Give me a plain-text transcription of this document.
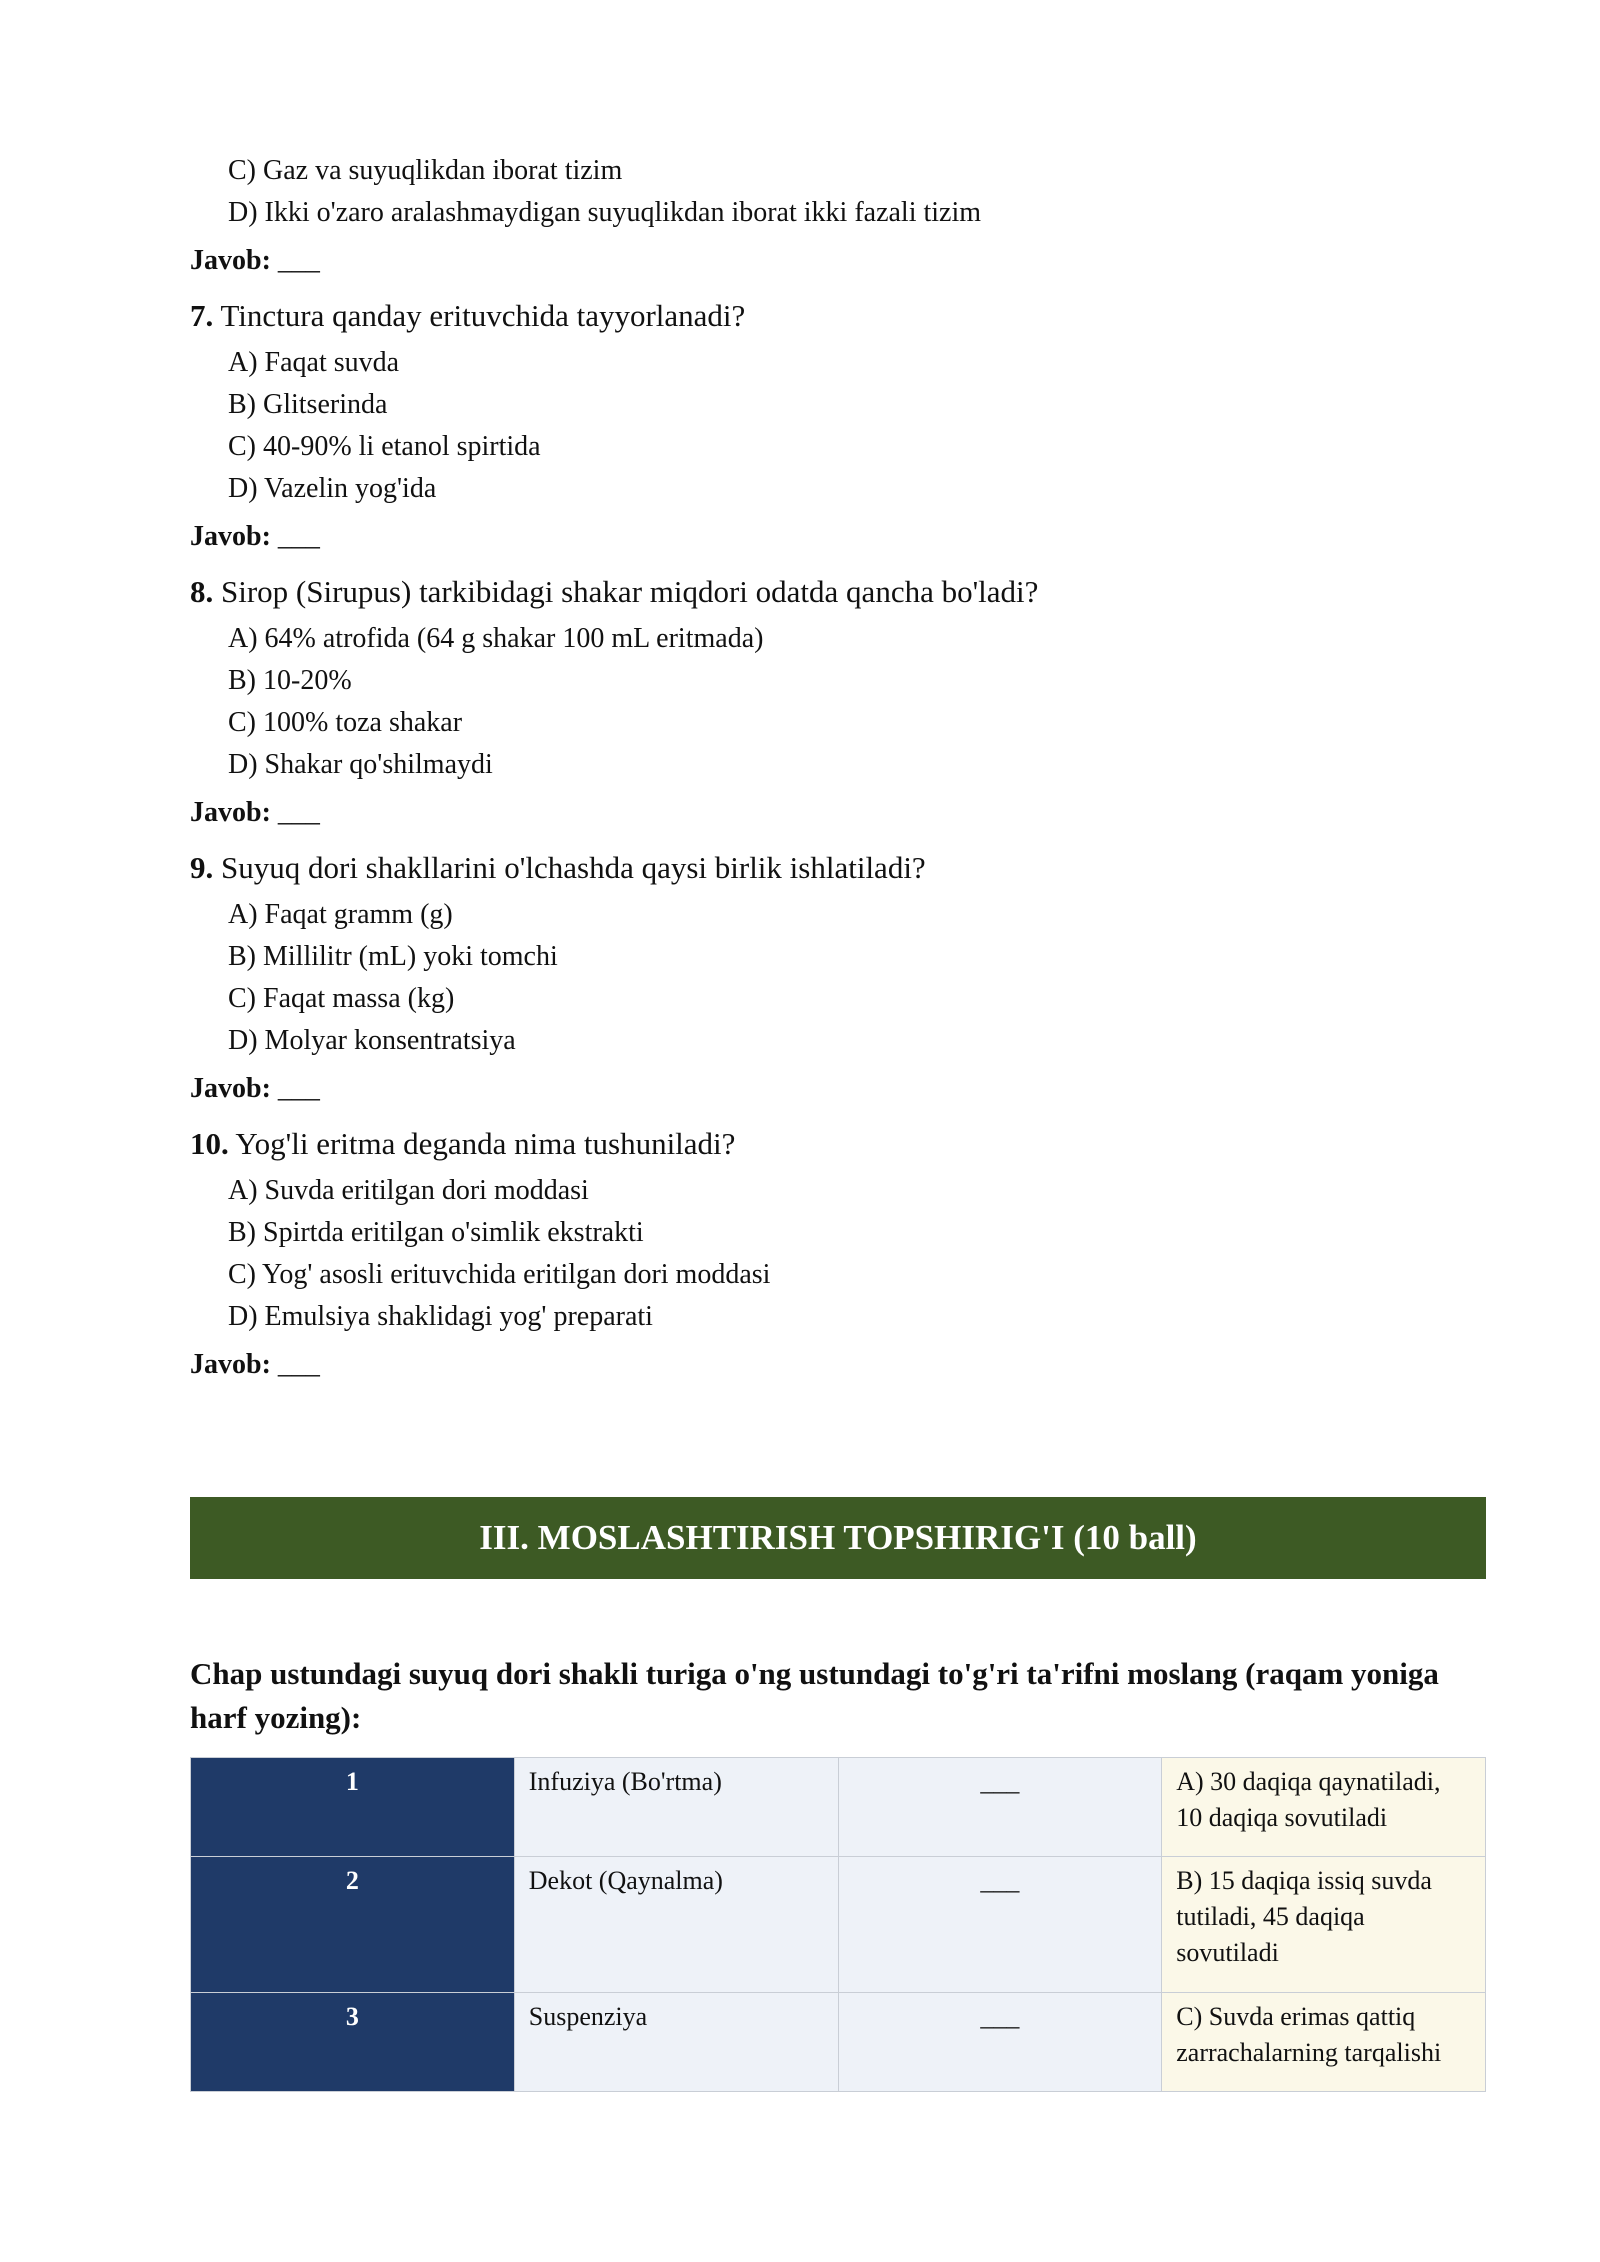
C) Gaz va suyuqlikdan iborat tizim
D) Ikki o'zaro aralashmaydigan suyuqlikdan iborat ikki fazali tizim
Javob: ___
7. Tinctura qanday erituvchida tayyorlanadi?
A) Faqat suvda
B) Glitserinda
C) 40-90% li etanol spirtida
D) Vazelin yog'ida
Javob: ___
8. Sirop (Sirupus) tarkibidagi shakar miqdori odatda qancha bo'ladi?
A) 64% atrofida (64 g shakar 100 mL eritmada)
B) 10-20%
C) 100% toza shakar
D) Shakar qo'shilmaydi
Javob: ___
9. Suyuq dori shakllarini o'lchashda qaysi birlik ishlatiladi?
A) Faqat gramm (g)
B) Millilitr (mL) yoki tomchi
C) Faqat massa (kg)
D) Molyar konsentratsiya
Javob: ___
10. Yog'li eritma deganda nima tushuniladi?
A) Suvda eritilgan dori moddasi
B) Spirtda eritilgan o'simlik ekstrakti
C) Yog' asosli erituvchida eritilgan dori moddasi
D) Emulsiya shaklidagi yog' preparati
Javob: ___
III. MOSLASHTIRISH TOPSHIRIG'I (10 ball)
Chap ustundagi suyuq dori shakli turiga o'ng ustundagi to'g'ri ta'rifni moslang (raqam yoniga harf yozing):
1	Infuziya (Bo'rtma)	___	A) 30 daqiqa qaynatiladi, 10 daqiqa sovutiladi
2	Dekot (Qaynalma)	___	B) 15 daqiqa issiq suvda tutiladi, 45 daqiqa sovutiladi
3	Suspenziya	___	C) Suvda erimas qattiq zarrachalarning tarqalishi
